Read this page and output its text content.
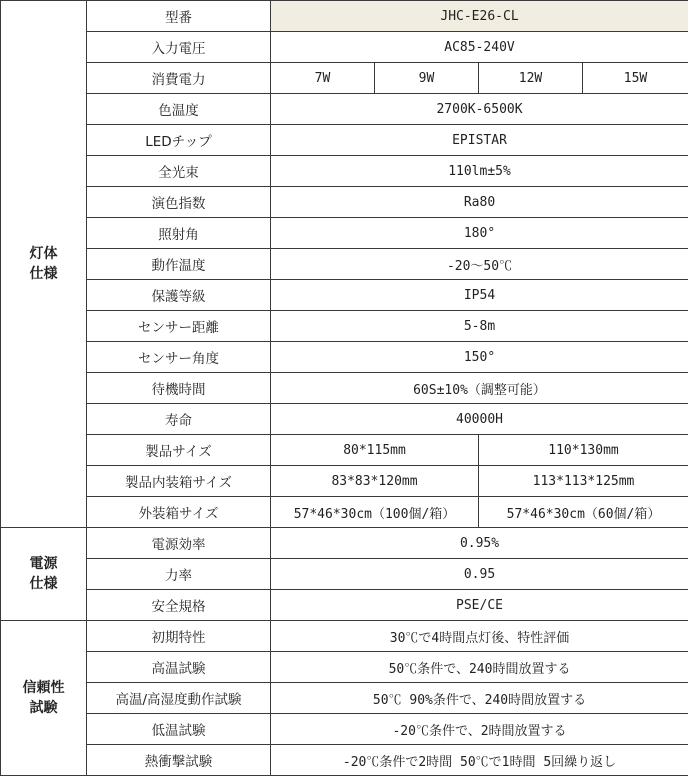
灯体
仕様	型番	JHC-E26-CL			
	入力電圧	AC85-240V			
	消費電力	7W	9W	12W	15W
	色温度	2700K-6500K			
	LEDチップ	EPISTAR			
	全光束	110lm±5%			
	演色指数	Ra80			
	照射角	180°			
	動作温度	-20～50℃			
	保護等級	IP54			
	センサー距離	5-8m			
	センサー角度	150°			
	待機時間	60S±10%（調整可能）			
	寿命	40000H			
	製品サイズ	80*115mm		110*130mm	
	製品内装箱サイズ	83*83*120mm		113*113*125mm	
	外装箱サイズ	57*46*30cm（100個/箱）		57*46*30cm（60個/箱）	
電源
仕様	電源効率	0.95%			
	力率	0.95			
	安全規格	PSE/CE			
信頼性
試験	初期特性	30℃で4時間点灯後、特性評価			
	高温試験	50℃条件で、240時間放置する			
	高温/高湿度動作試験	50℃ 90%条件で、240時間放置する			
	低温試験	-20℃条件で、2時間放置する			
	熱衝撃試験	-20℃条件で2時間 50℃で1時間 5回繰り返し			
